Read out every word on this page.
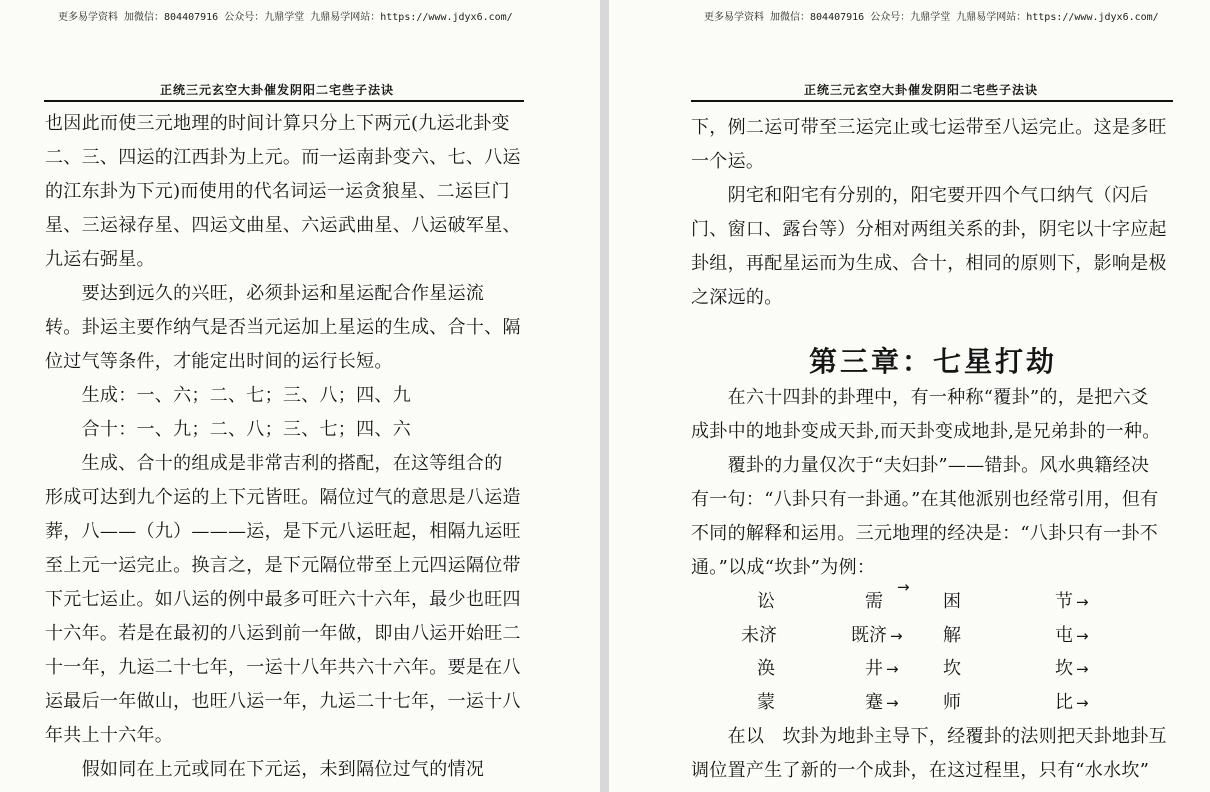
更多易学资料 加微信：804407916 公众号：九鼎学堂 九鼎易学网站：https://www.jdyx6.com/
正统三元玄空大卦催发阴阳二宅些子法诀
也因此而使三元地理的时间计算只分上下两元(九运北卦变
二、三、四运的江西卦为上元。而一运南卦变六、七、八运
的江东卦为下元)而使用的代名词运一运贪狼星、二运巨门
星、三运禄存星、四运文曲星、六运武曲星、八运破军星、
九运右弼星。
　　要达到远久的兴旺，必须卦运和星运配合作星运流
转。卦运主要作纳气是否当元运加上星运的生成、合十、隔
位过气等条件，才能定出时间的运行长短。
　　生成：一、六；二、七；三、八；四、九
　　合十：一、九；二、八；三、七；四、六
　　生成、合十的组成是非常吉利的搭配，在这等组合的
形成可达到九个运的上下元皆旺。隔位过气的意思是八运造
葬，八——（九）———运，是下元八运旺起，相隔九运旺
至上元一运完止。换言之，是下元隔位带至上元四运隔位带
下元七运止。如八运的例中最多可旺六十六年，最少也旺四
十六年。若是在最初的八运到前一年做，即由八运开始旺二
十一年，九运二十七年，一运十八年共六十六年。要是在八
运最后一年做山，也旺八运一年，九运二十七年，一运十八
年共上十六年。
　　假如同在上元或同在下元运，未到隔位过气的情况
更多易学资料 加微信：804407916 公众号：九鼎学堂 九鼎易学网站：https://www.jdyx6.com/
正统三元玄空大卦催发阴阳二宅些子法诀
下，例二运可带至三运完止或七运带至八运完止。这是多旺
一个运。
　　阴宅和阳宅有分别的，阳宅要开四个气口纳气（闪后
门、窗口、露台等）分相对两组关系的卦，阴宅以十字应起
卦组，再配星运而为生成、合十，相同的原则下，影响是极
之深远的。
第三章：七星打劫
　　在六十四卦的卦理中，有一种称“覆卦”的，是把六爻
成卦中的地卦变成天卦,而天卦变成地卦,是兄弟卦的一种。
　　覆卦的力量仅次于“夫妇卦”——错卦。风水典籍经决
有一句：“八卦只有一卦通。”在其他派别也经常引用，但有
不同的解释和运用。三元地理的经决是：“八卦只有一卦不
通。”以成“坎卦”为例：
→
讼	需	困	节 →
未济	既济 → 解	屯 →
涣	井 → 坎	坎 →
蒙	蹇 → 师	比 →
　　在以　坎卦为地卦主导下，经覆卦的法则把天卦地卦互
调位置产生了新的一个成卦，在这过程里，只有“水水坎”
